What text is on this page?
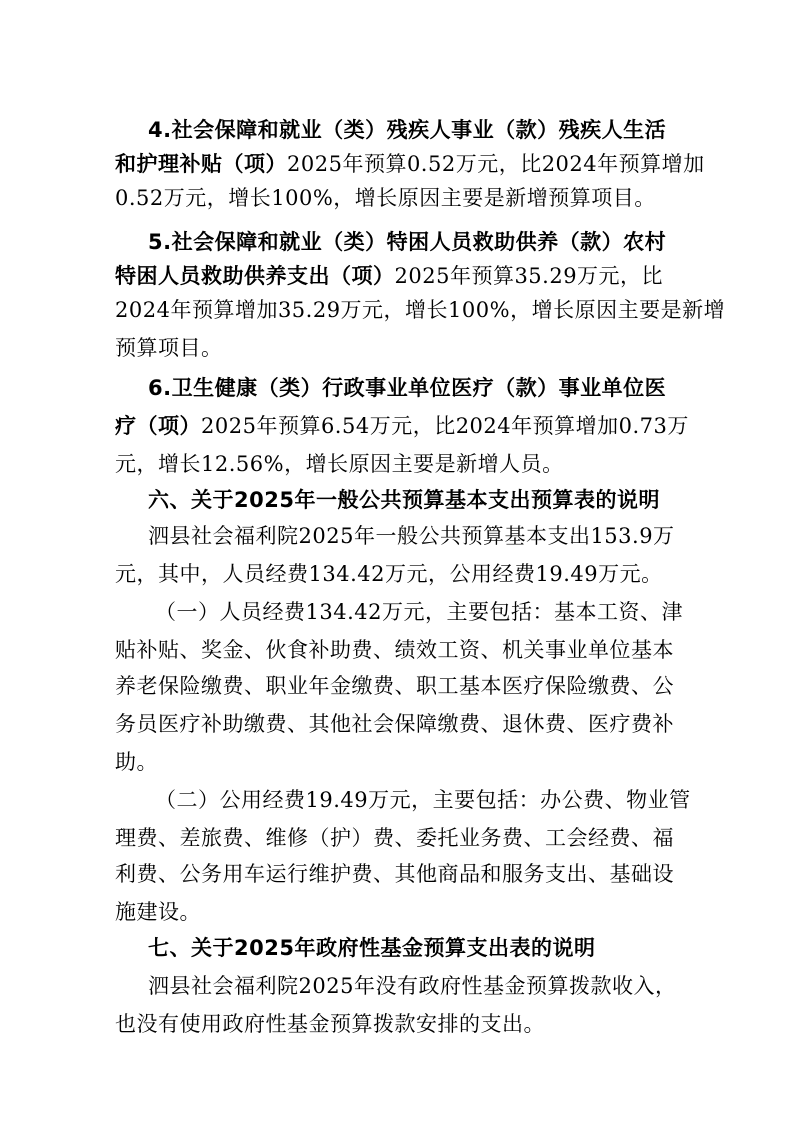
4.社会保障和就业（类）残疾人事业（款）残疾人生活
和护理补贴（项）2025年预算0.52万元，比2024年预算增加
0.52万元，增长100%，增长原因主要是新增预算项目。
5.社会保障和就业（类）特困人员救助供养（款）农村
特困人员救助供养支出（项）2025年预算35.29万元，比
2024年预算增加35.29万元，增长100%，增长原因主要是新增
预算项目。
6.卫生健康（类）行政事业单位医疗（款）事业单位医
疗（项）2025年预算6.54万元，比2024年预算增加0.73万
元，增长12.56%，增长原因主要是新增人员。
六、关于2025年一般公共预算基本支出预算表的说明
泗县社会福利院2025年一般公共预算基本支出153.9万
元，其中，人员经费134.42万元，公用经费19.49万元。
（一）人员经费134.42万元，主要包括：基本工资、津
贴补贴、奖金、伙食补助费、绩效工资、机关事业单位基本
养老保险缴费、职业年金缴费、职工基本医疗保险缴费、公
务员医疗补助缴费、其他社会保障缴费、退休费、医疗费补
助。
（二）公用经费19.49万元，主要包括：办公费、物业管
理费、差旅费、维修（护）费、委托业务费、工会经费、福
利费、公务用车运行维护费、其他商品和服务支出、基础设
施建设。
七、关于2025年政府性基金预算支出表的说明
泗县社会福利院2025年没有政府性基金预算拨款收入，
也没有使用政府性基金预算拨款安排的支出。
